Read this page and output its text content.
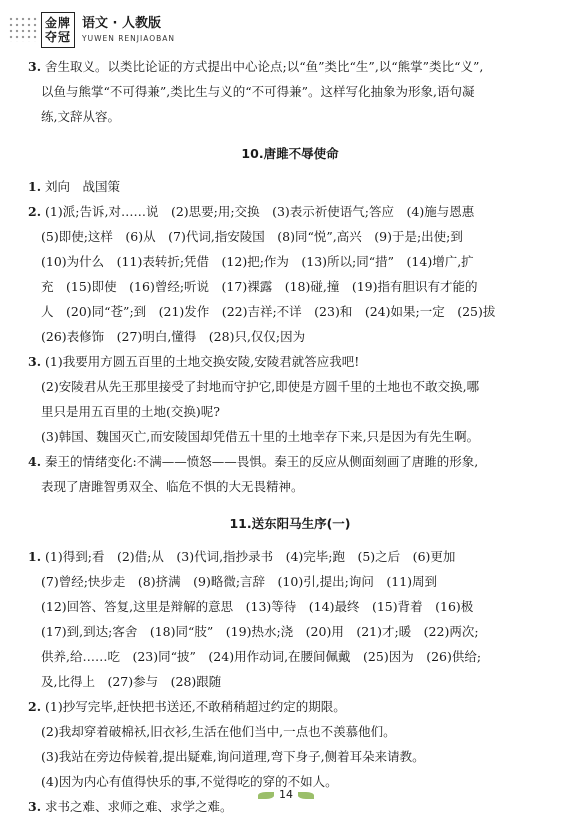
金牌
夺冠
语文 · 人教版
YUWEN RENJIAOBAN

3. 舍生取义。以类比论证的方式提出中心论点;以“鱼”类比“生”,以“熊掌”类比“义”,

以鱼与熊掌“不可得兼”,类比生与义的“不可得兼”。这样写化抽象为形象,语句凝

练,文辞从容。

10.唐雎不辱使命

1. 刘向　战国策

2. (1)派;告诉,对……说　(2)思要;用;交换　(3)表示祈使语气;答应　(4)施与恩惠

(5)即使;这样　(6)从　(7)代词,指安陵国　(8)同“悦”,高兴　(9)于是;出使;到

(10)为什么　(11)表转折;凭借　(12)把;作为　(13)所以;同“措”　(14)增广,扩

充　(15)即使　(16)曾经;听说　(17)裸露　(18)碰,撞　(19)指有胆识有才能的

人　(20)同“苍”;到　(21)发作　(22)吉祥;不详　(23)和　(24)如果;一定　(25)拔

(26)表修饰　(27)明白,懂得　(28)只,仅仅;因为

3. (1)我要用方圆五百里的土地交换安陵,安陵君就答应我吧!

(2)安陵君从先王那里接受了封地而守护它,即使是方圆千里的土地也不敢交换,哪

里只是用五百里的土地(交换)呢?

(3)韩国、魏国灭亡,而安陵国却凭借五十里的土地幸存下来,只是因为有先生啊。

4. 秦王的情绪变化:不满——愤怒——畏惧。秦王的反应从侧面刻画了唐雎的形象,

表现了唐雎智勇双全、临危不惧的大无畏精神。

11.送东阳马生序(一)

1. (1)得到;看　(2)借;从　(3)代词,指抄录书　(4)完毕;跑　(5)之后　(6)更加

(7)曾经;快步走　(8)挤满　(9)略微;言辞　(10)引,提出;询问　(11)周到

(12)回答、答复,这里是辩解的意思　(13)等待　(14)最终　(15)背着　(16)极

(17)到,到达;客舍　(18)同“肢”　(19)热水;浇　(20)用　(21)才;暖　(22)两次;

供养,给……吃　(23)同“披”　(24)用作动词,在腰间佩戴　(25)因为　(26)供给;

及,比得上　(27)参与　(28)跟随

2. (1)抄写完毕,赶快把书送还,不敢稍稍超过约定的期限。

(2)我却穿着破棉袄,旧衣衫,生活在他们当中,一点也不羡慕他们。

(3)我站在旁边侍候着,提出疑难,询问道理,弯下身子,侧着耳朵来请教。

(4)因为内心有值得快乐的事,不觉得吃的穿的不如人。

3. 求书之难、求师之难、求学之难。

14
